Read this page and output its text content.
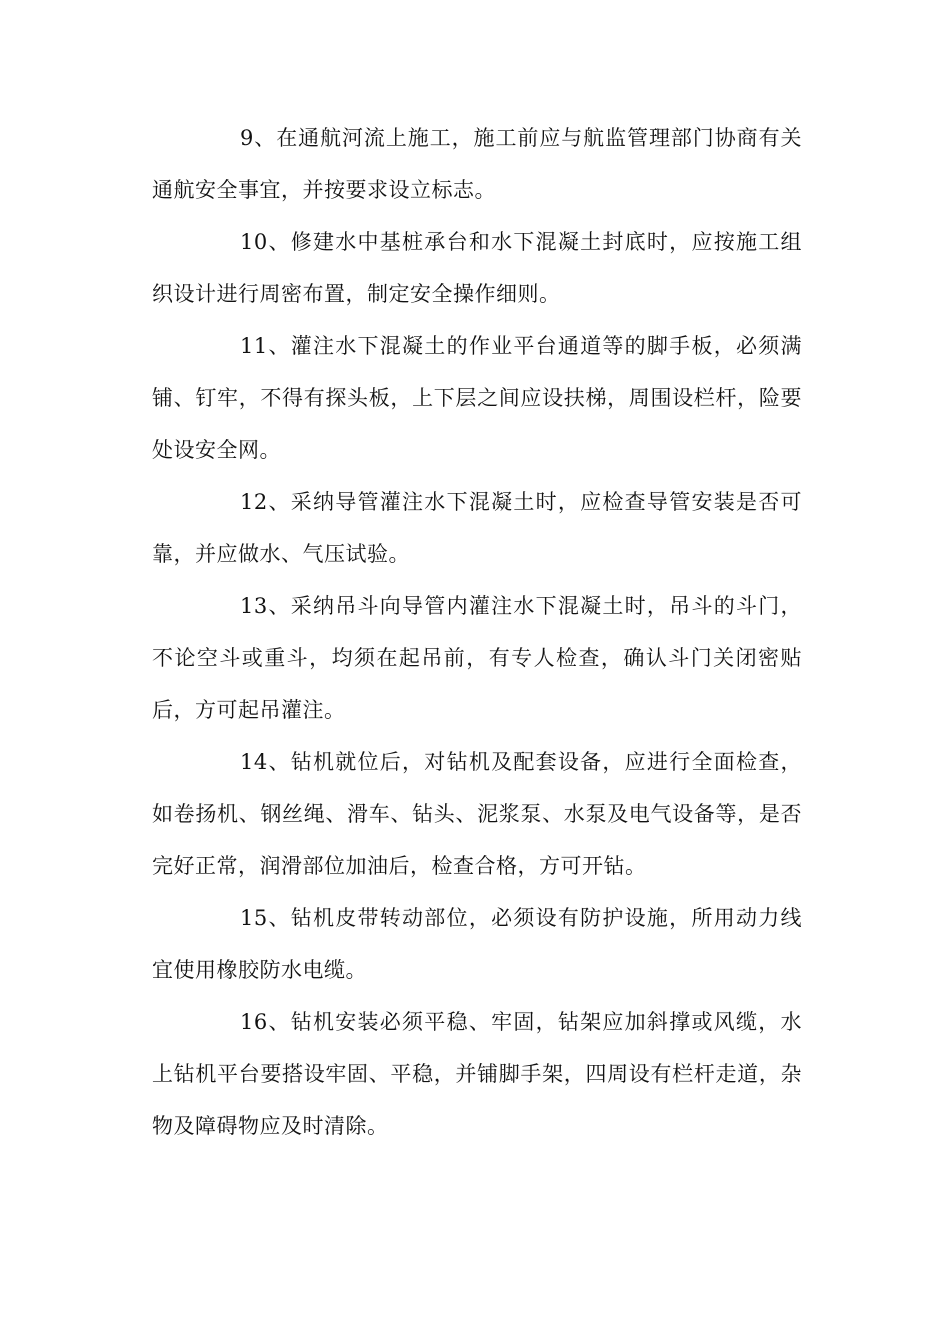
9、在通航河流上施工，施工前应与航监管理部门协商有关通航安全事宜，并按要求设立标志。

10、修建水中基桩承台和水下混凝土封底时，应按施工组织设计进行周密布置，制定安全操作细则。

11、灌注水下混凝土的作业平台通道等的脚手板，必须满铺、钉牢，不得有探头板，上下层之间应设扶梯，周围设栏杆，险要处设安全网。

12、采纳导管灌注水下混凝土时，应检查导管安装是否可靠，并应做水、气压试验。

13、采纳吊斗向导管内灌注水下混凝土时，吊斗的斗门，不论空斗或重斗，均须在起吊前，有专人检查，确认斗门关闭密贴后，方可起吊灌注。

14、钻机就位后，对钻机及配套设备，应进行全面检查，如卷扬机、钢丝绳、滑车、钻头、泥浆泵、水泵及电气设备等，是否完好正常，润滑部位加油后，检查合格，方可开钻。

15、钻机皮带转动部位，必须设有防护设施，所用动力线宜使用橡胶防水电缆。

16、钻机安装必须平稳、牢固，钻架应加斜撑或风缆，水上钻机平台要搭设牢固、平稳，并铺脚手架，四周设有栏杆走道，杂物及障碍物应及时清除。
